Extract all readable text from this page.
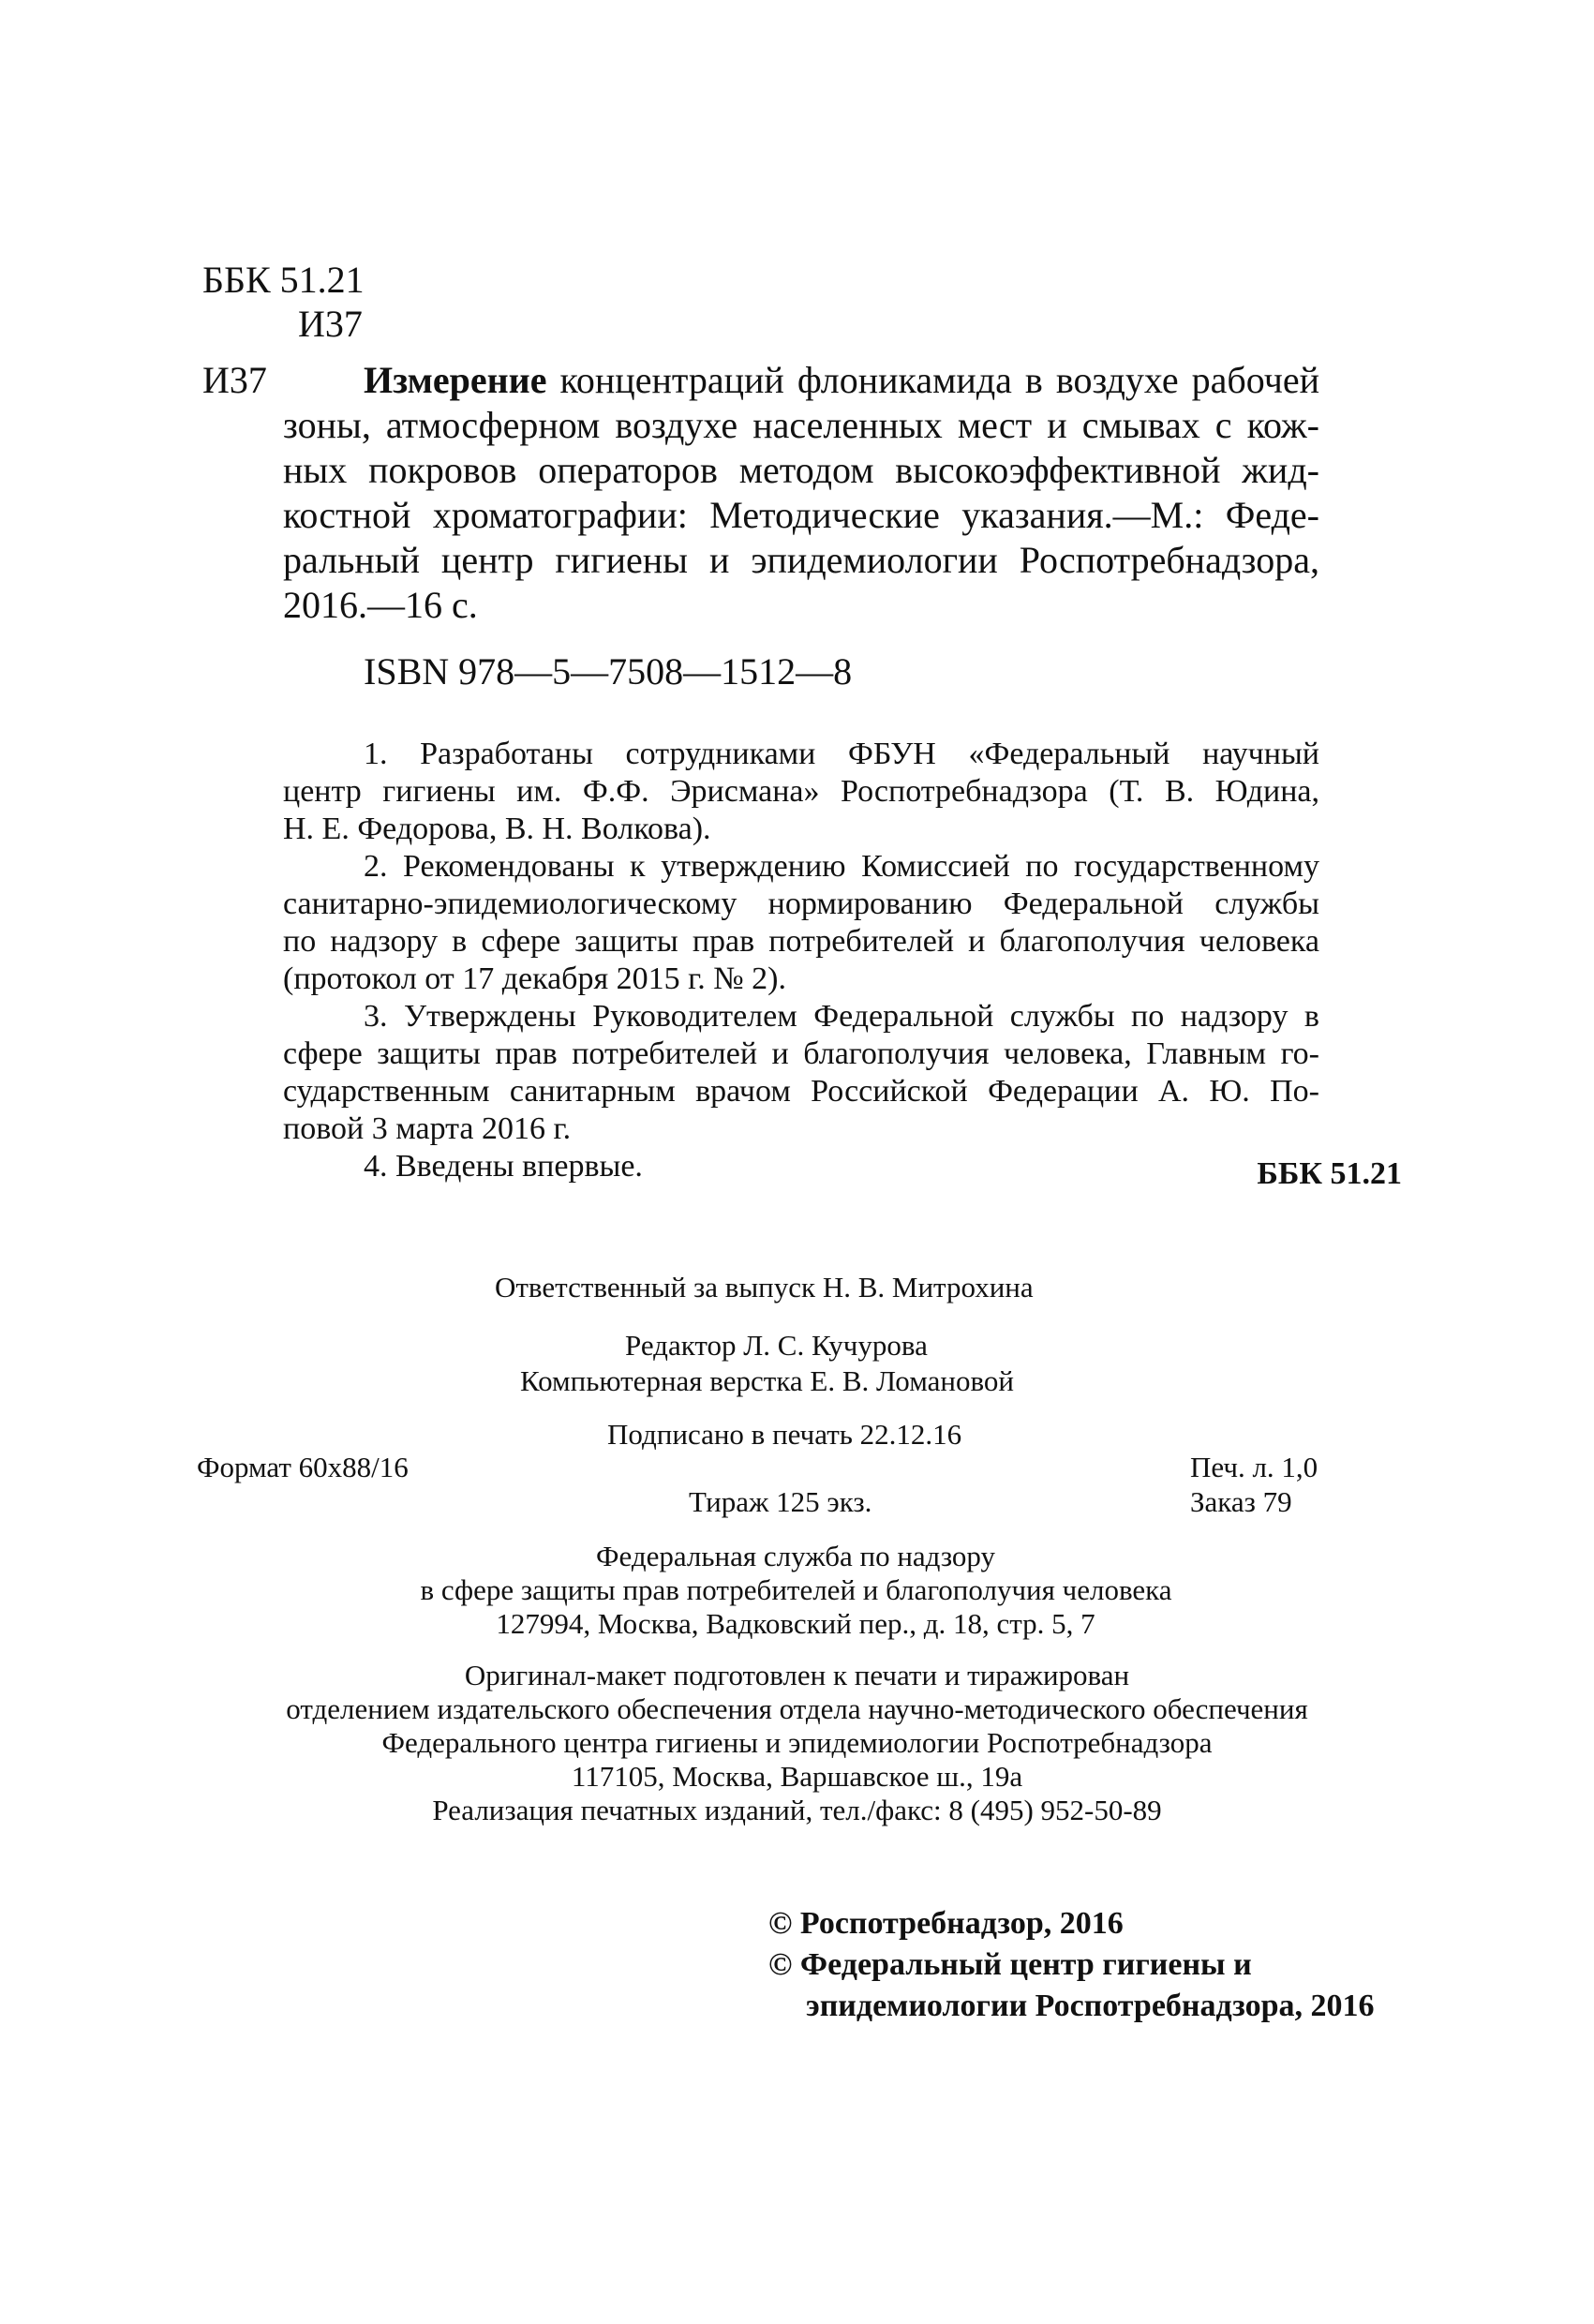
ББК 51.21

И37

И37	Измерение концентраций флоникамида в воздухе рабочей
зоны, атмосферном воздухе населенных мест и смывах с кож-
ных покровов операторов методом высокоэффективной жид-
костной хроматографии: Методические указания.—М.: Феде-
ральный центр гигиены и эпидемиологии Роспотребнадзора,
2016.—16 с.

ISBN 978—5—7508—1512—8

1. Разработаны сотрудниками ФБУН «Федеральный научный
центр гигиены им. Ф.Ф. Эрисмана» Роспотребнадзора (Т. В. Юдина,
Н. Е. Федорова, В. Н. Волкова).
2. Рекомендованы к утверждению Комиссией по государственному
санитарно-эпидемиологическому нормированию Федеральной службы
по надзору в сфере защиты прав потребителей и благополучия человека
(протокол от 17 декабря 2015 г. № 2).
3. Утверждены Руководителем Федеральной службы по надзору в
сфере защиты прав потребителей и благополучия человека, Главным го-
сударственным санитарным врачом Российской Федерации А. Ю. По-
повой 3 марта 2016 г.
4. Введены впервые.	ББК 51.21

Ответственный за выпуск Н. В. Митрохина

Редактор Л. С. Кучурова

Компьютерная верстка Е. В. Ломановой

Подписано в печать 22.12.16

Формат 60x88/16	Печ. л. 1,0

Тираж 125 экз.	Заказ 79

Федеральная служба по надзору
в сфере защиты прав потребителей и благополучия человека
127994, Москва, Вадковский пер., д. 18, стр. 5, 7
Оригинал-макет подготовлен к печати и тиражирован
отделением издательского обеспечения отдела научно-методического обеспечения
Федерального центра гигиены и эпидемиологии Роспотребнадзора
117105, Москва, Варшавское ш., 19а
Реализация печатных изданий, тел./факс: 8 (495) 952-50-89

© Роспотребнадзор, 2016

© Федеральный центр гигиены и

эпидемиологии Роспотребнадзора, 2016
